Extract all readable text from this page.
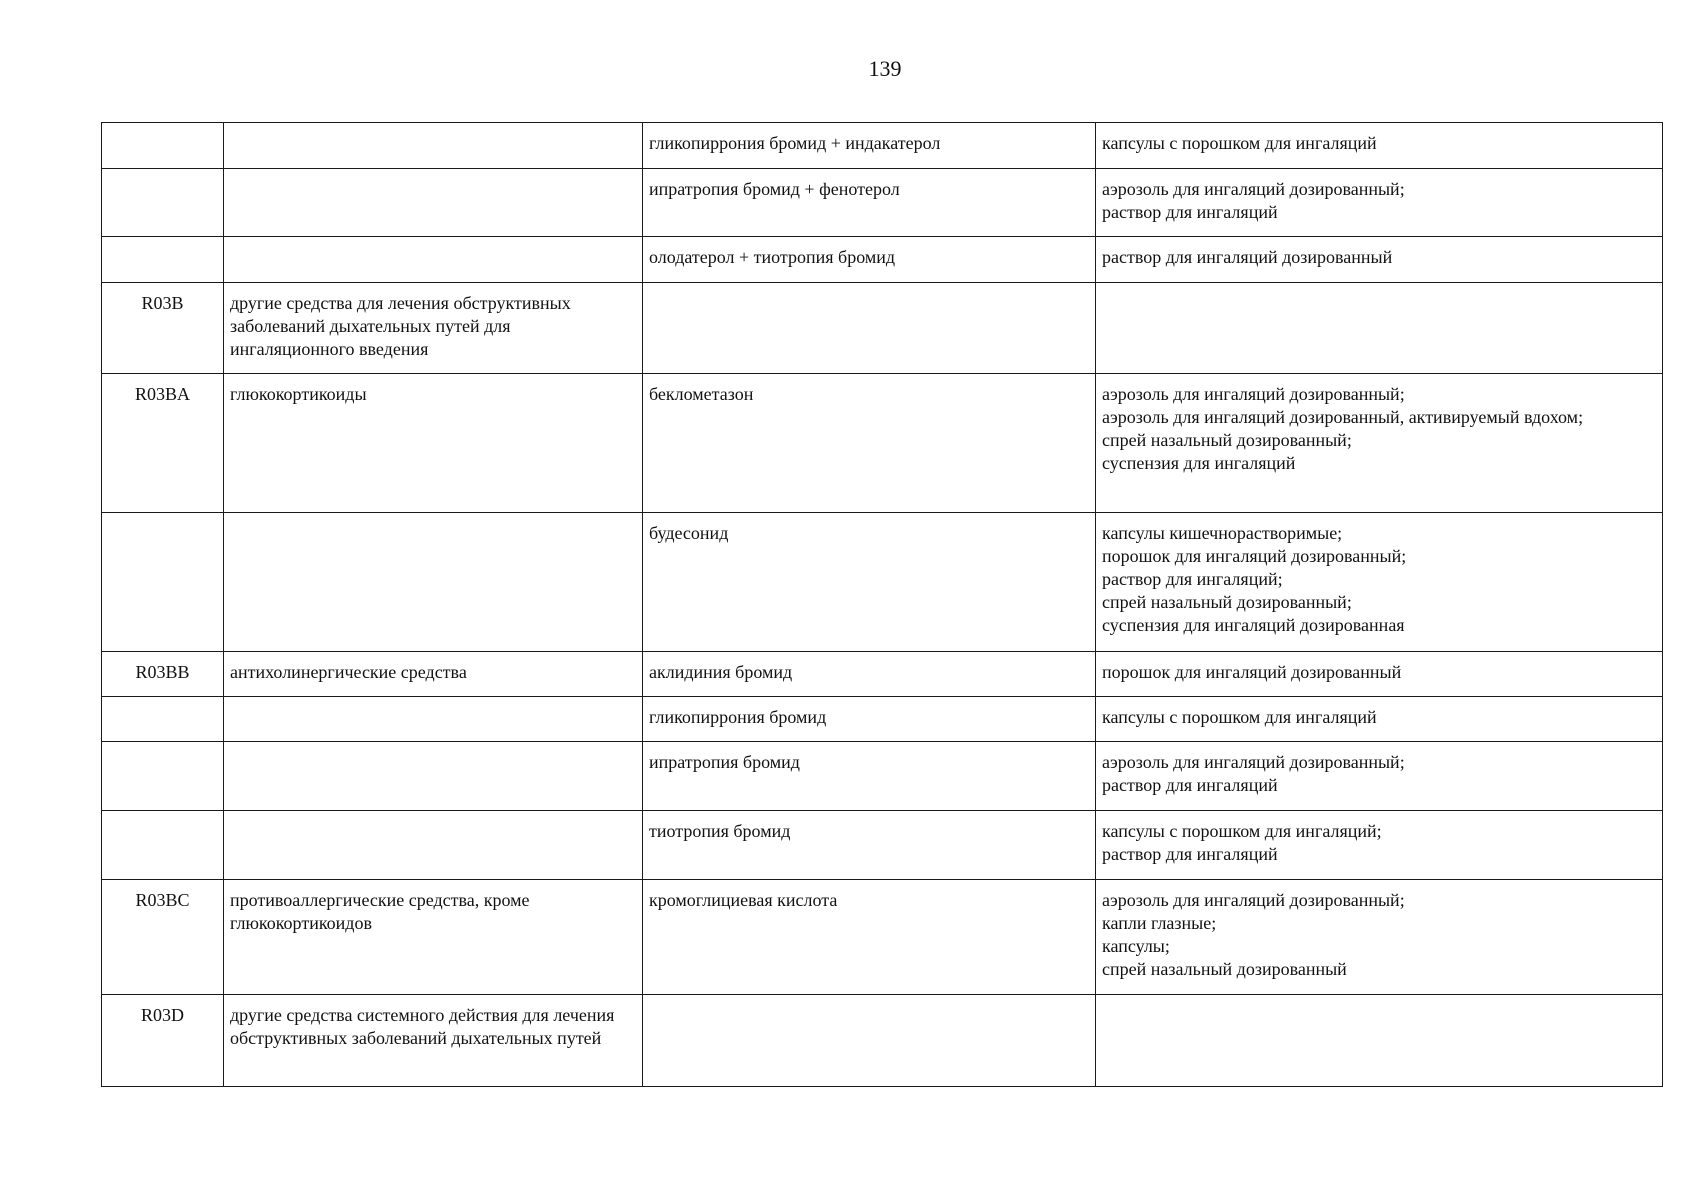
139
		гликопиррония бромид + индакатерол	капсулы с порошком для ингаляций

		ипратропия бромид + фенотерол	аэрозоль для ингаляций дозированный;
раствор для ингаляций

		олодатерол + тиотропия бромид	раствор для ингаляций дозированный

R03B	другие средства для лечения обструктивных заболеваний дыхательных путей для ингаляционного введения		
R03BA	глюкокортикоиды	беклометазон	аэрозоль для ингаляций дозированный;
аэрозоль для ингаляций дозированный, активируемый вдохом;
спрей назальный дозированный;
суспензия для ингаляций

		будесонид	капсулы кишечнорастворимые;
порошок для ингаляций дозированный;
раствор для ингаляций;
спрей назальный дозированный;
суспензия для ингаляций дозированная

R03BB	антихолинергические средства	аклидиния бромид	порошок для ингаляций дозированный

		гликопиррония бромид	капсулы с порошком для ингаляций

		ипратропия бромид	аэрозоль для ингаляций дозированный;
раствор для ингаляций

		тиотропия бромид	капсулы с порошком для ингаляций;
раствор для ингаляций

R03BC	противоаллергические средства, кроме глюкокортикоидов	кромоглициевая кислота	аэрозоль для ингаляций дозированный;
капли глазные;
капсулы;
спрей назальный дозированный

R03D	другие средства системного действия для лечения обструктивных заболеваний дыхательных путей		
